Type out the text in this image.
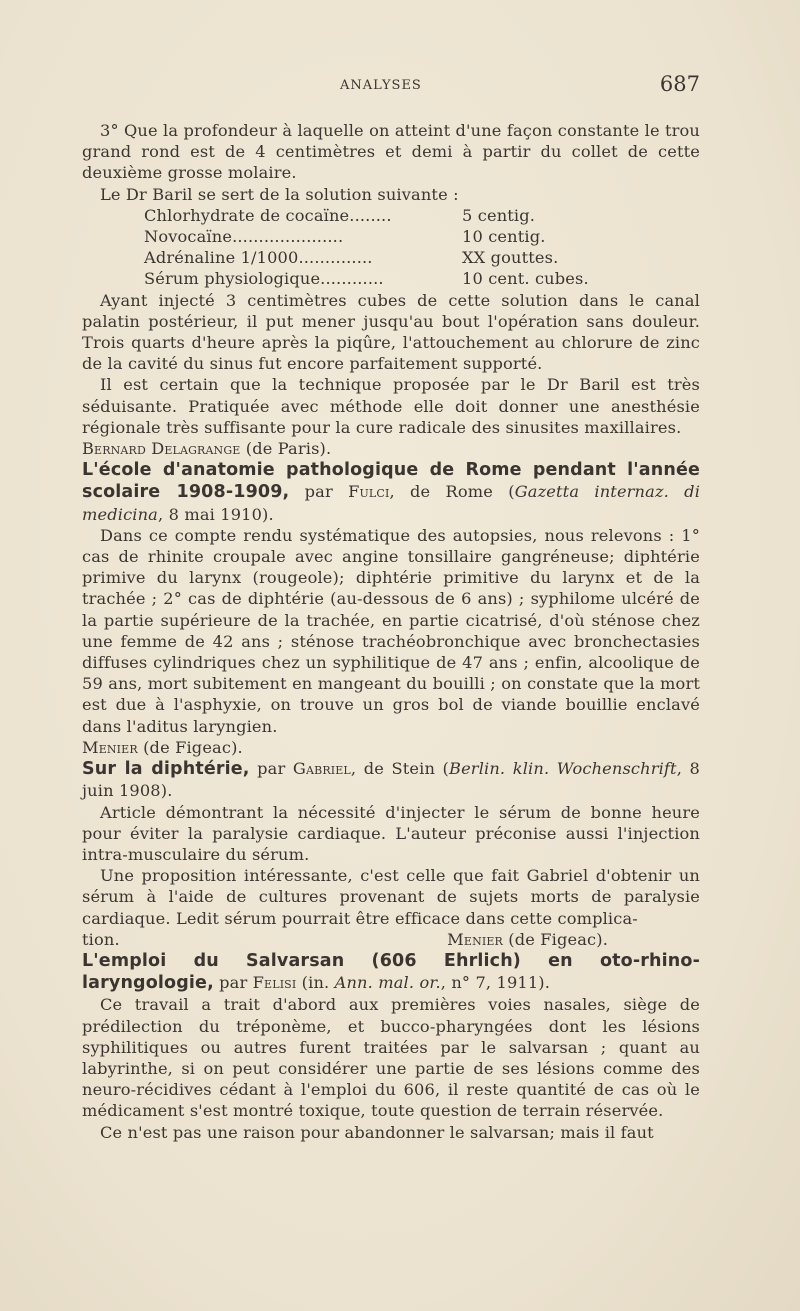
ANALYSES	687

3° Que la profondeur à laquelle on atteint d'une façon constante le trou grand rond est de 4 centimètres et demi à partir du collet de cette deuxième grosse molaire.

Le Dr Baril se sert de la solution suivante :

Chlorhydrate de cocaïne........	5 centig.
Novocaïne.....................	10 centig.
Adrénaline 1/1000..............	XX gouttes.
Sérum physiologique............	10 cent. cubes.

Ayant injecté 3 centimètres cubes de cette solution dans le canal palatin postérieur, il put mener jusqu'au bout l'opération sans douleur. Trois quarts d'heure après la piqûre, l'attouchement au chlorure de zinc de la cavité du sinus fut encore parfaitement supporté.

Il est certain que la technique proposée par le Dr Baril est très séduisante. Pratiquée avec méthode elle doit donner une anesthésie régionale très suffisante pour la cure radicale des sinusites maxillaires.

Bernard Delagrange (de Paris).

L'école d'anatomie pathologique de Rome pendant l'année scolaire 1908-1909, par Fulci, de Rome (Gazetta internaz. di medicina, 8 mai 1910).

Dans ce compte rendu systématique des autopsies, nous relevons : 1° cas de rhinite croupale avec angine tonsillaire gangréneuse; diphtérie primive du larynx (rougeole); diphtérie primitive du larynx et de la trachée ; 2° cas de diphtérie (au-dessous de 6 ans) ; syphilome ulcéré de la partie supérieure de la trachée, en partie cicatrisé, d'où sténose chez une femme de 42 ans ; sténose trachéobronchique avec bronchectasies diffuses cylindriques chez un syphilitique de 47 ans ; enfin, alcoolique de 59 ans, mort subitement en mangeant du bouilli ; on constate que la mort est due à l'asphyxie, on trouve un gros bol de viande bouillie enclavé dans l'aditus laryngien.

Menier (de Figeac).

Sur la diphtérie, par Gabriel, de Stein (Berlin. klin. Wochenschrift, 8 juin 1908).

Article démontrant la nécessité d'injecter le sérum de bonne heure pour éviter la paralysie cardiaque. L'auteur préconise aussi l'injection intra-musculaire du sérum.

Une proposition intéressante, c'est celle que fait Gabriel d'obtenir un sérum à l'aide de cultures provenant de sujets morts de paralysie cardiaque. Ledit sérum pourrait être efficace dans cette complica-

tion.	Menier (de Figeac).

L'emploi du Salvarsan (606 Ehrlich) en oto-rhino-laryngologie, par Felisi (in. Ann. mal. or., n° 7, 1911).

Ce travail a trait d'abord aux premières voies nasales, siège de prédilection du tréponème, et bucco-pharyngées dont les lésions syphilitiques ou autres furent traitées par le salvarsan ; quant au labyrinthe, si on peut considérer une partie de ses lésions comme des neuro-récidives cédant à l'emploi du 606, il reste quantité de cas où le médicament s'est montré toxique, toute question de terrain réservée.

Ce n'est pas une raison pour abandonner le salvarsan; mais il faut
